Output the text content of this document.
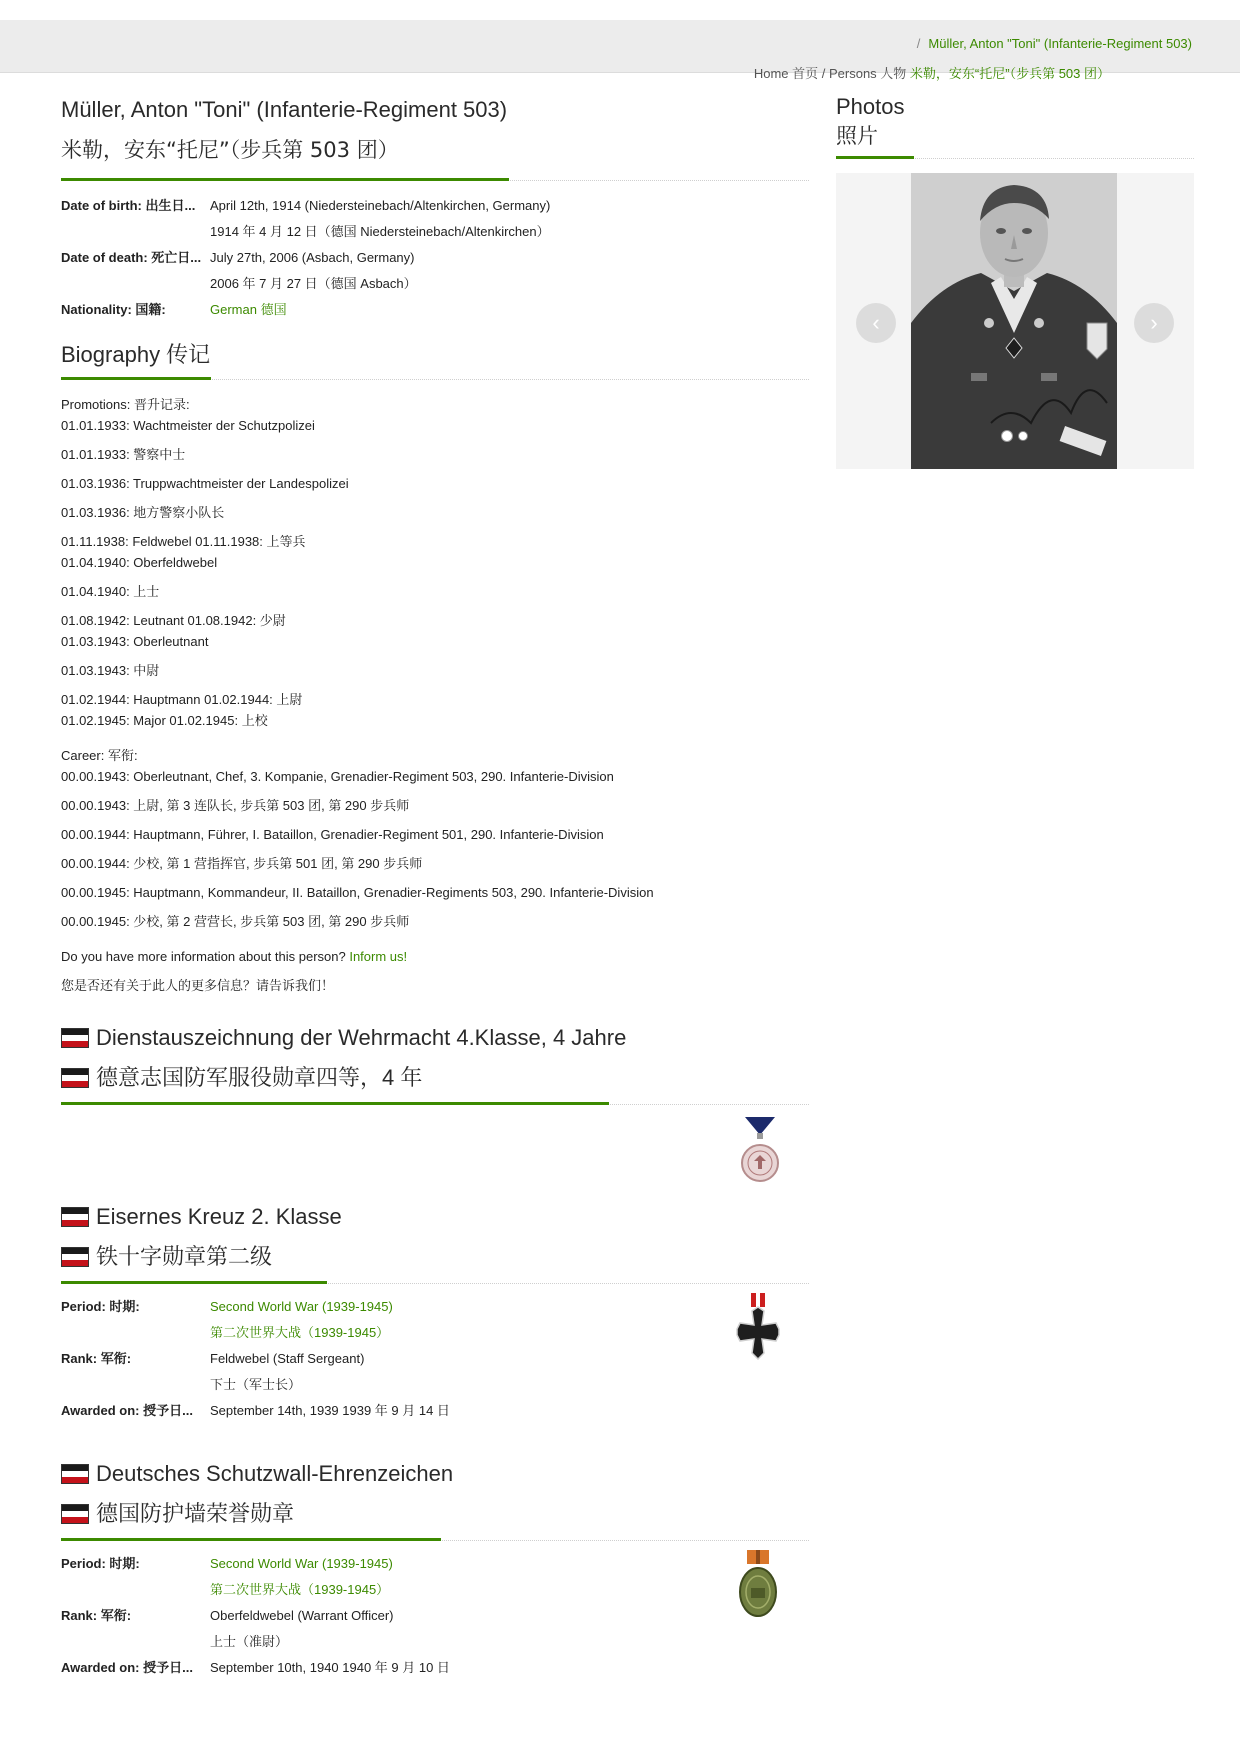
/ Müller, Anton "Toni" (Infanterie-Regiment 503)
Home 首页 / Persons 人物 米勒，安东“托尼”（步兵第 503 团）
Müller, Anton "Toni" (Infanterie-Regiment 503)
米勒，安东“托尼”（步兵第 503 团）
Date of birth: 出生日...	April 12th, 1914 (Niedersteinebach/Altenkirchen, Germany)
1914 年 4 月 12 日（德国 Niedersteinebach/Altenkirchen）
Date of death: 死亡日... July 27th, 2006 (Asbach, Germany)
2006 年 7 月 27 日（德国 Asbach）
Nationality: 国籍:	German 德国
Biography 传记
Promotions: 晋升记录:
01.01.1933: Wachtmeister der Schutzpolizei
01.01.1933: 警察中士
01.03.1936: Truppwachtmeister der Landespolizei
01.03.1936: 地方警察小队长
01.11.1938: Feldwebel 01.11.1938: 上等兵
01.04.1940: Oberfeldwebel
01.04.1940: 上士
01.08.1942: Leutnant 01.08.1942: 少尉
01.03.1943: Oberleutnant
01.03.1943: 中尉
01.02.1944: Hauptmann 01.02.1944: 上尉
01.02.1945: Major 01.02.1945: 上校
Career: 军衔:
00.00.1943: Oberleutnant, Chef, 3. Kompanie, Grenadier-Regiment 503, 290. Infanterie-Division
00.00.1943: 上尉, 第 3 连队长, 步兵第 503 团, 第 290 步兵师
00.00.1944: Hauptmann, Führer, I. Bataillon, Grenadier-Regiment 501, 290. Infanterie-Division
00.00.1944: 少校, 第 1 营指挥官, 步兵第 501 团, 第 290 步兵师
00.00.1945: Hauptmann, Kommandeur, II. Bataillon, Grenadier-Regiments 503, 290. Infanterie-Division
00.00.1945: 少校, 第 2 营营长, 步兵第 503 团, 第 290 步兵师
Do you have more information about this person? Inform us!
您是否还有关于此人的更多信息？请告诉我们！
Dienstauszeichnung der Wehrmacht 4.Klasse, 4 Jahre
德意志国防军服役勋章四等，4 年
Eisernes Kreuz 2. Klasse
铁十字勋章第二级
Period: 时期:	Second World War (1939-1945)
第二次世界大战（1939-1945）
Rank: 军衔:	Feldwebel (Staff Sergeant)
下士（军士长）
Awarded on: 授予日...	September 14th, 1939 1939 年 9 月 14 日
Deutsches Schutzwall-Ehrenzeichen
德国防护墙荣誉勋章
Period: 时期:	Second World War (1939-1945)
第二次世界大战（1939-1945）
Rank: 军衔:	Oberfeldwebel (Warrant Officer)
上士（准尉）
Awarded on: 授予日...	September 10th, 1940 1940 年 9 月 10 日
Photos
照片
‹	›
